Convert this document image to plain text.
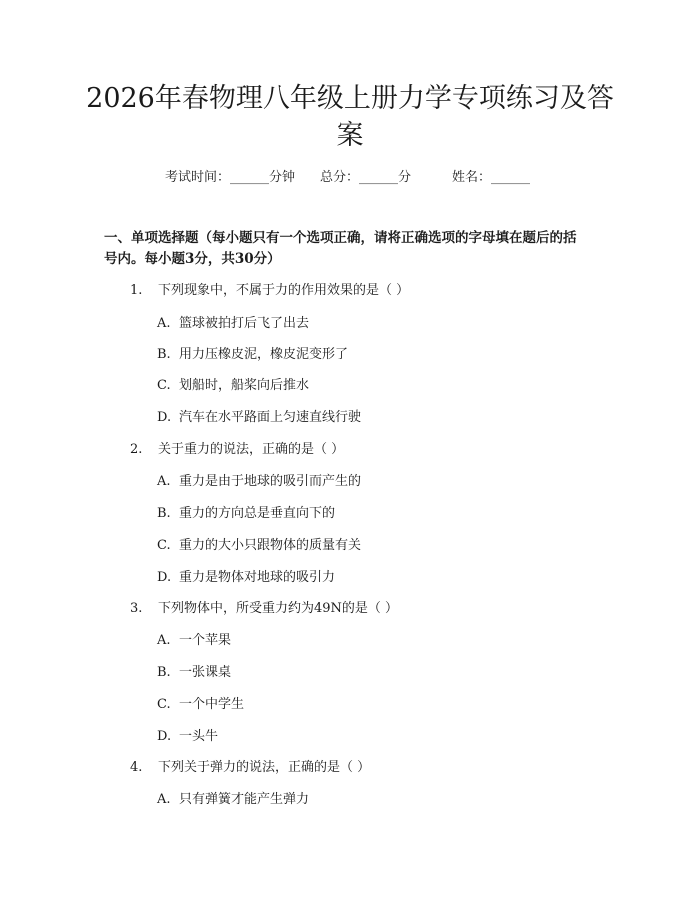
2026年春物理八年级上册力学专项练习及答
案
考试时间：______分钟 总分：______分	姓名：______

一、单项选择题（每小题只有一个选项正确，请将正确选项的字母填在题后的括

号内。每小题3分，共30分）

1. 下列现象中，不属于力的作用效果的是（ ）
A. 篮球被拍打后飞了出去
B. 用力压橡皮泥，橡皮泥变形了
C. 划船时，船桨向后推水
D. 汽车在水平路面上匀速直线行驶
2. 关于重力的说法，正确的是（ ）
A. 重力是由于地球的吸引而产生的
B. 重力的方向总是垂直向下的
C. 重力的大小只跟物体的质量有关
D. 重力是物体对地球的吸引力
3. 下列物体中，所受重力约为49N的是（ ）
A. 一个苹果
B. 一张课桌
C. 一个中学生
D. 一头牛
4. 下列关于弹力的说法，正确的是（ ）
A. 只有弹簧才能产生弹力
